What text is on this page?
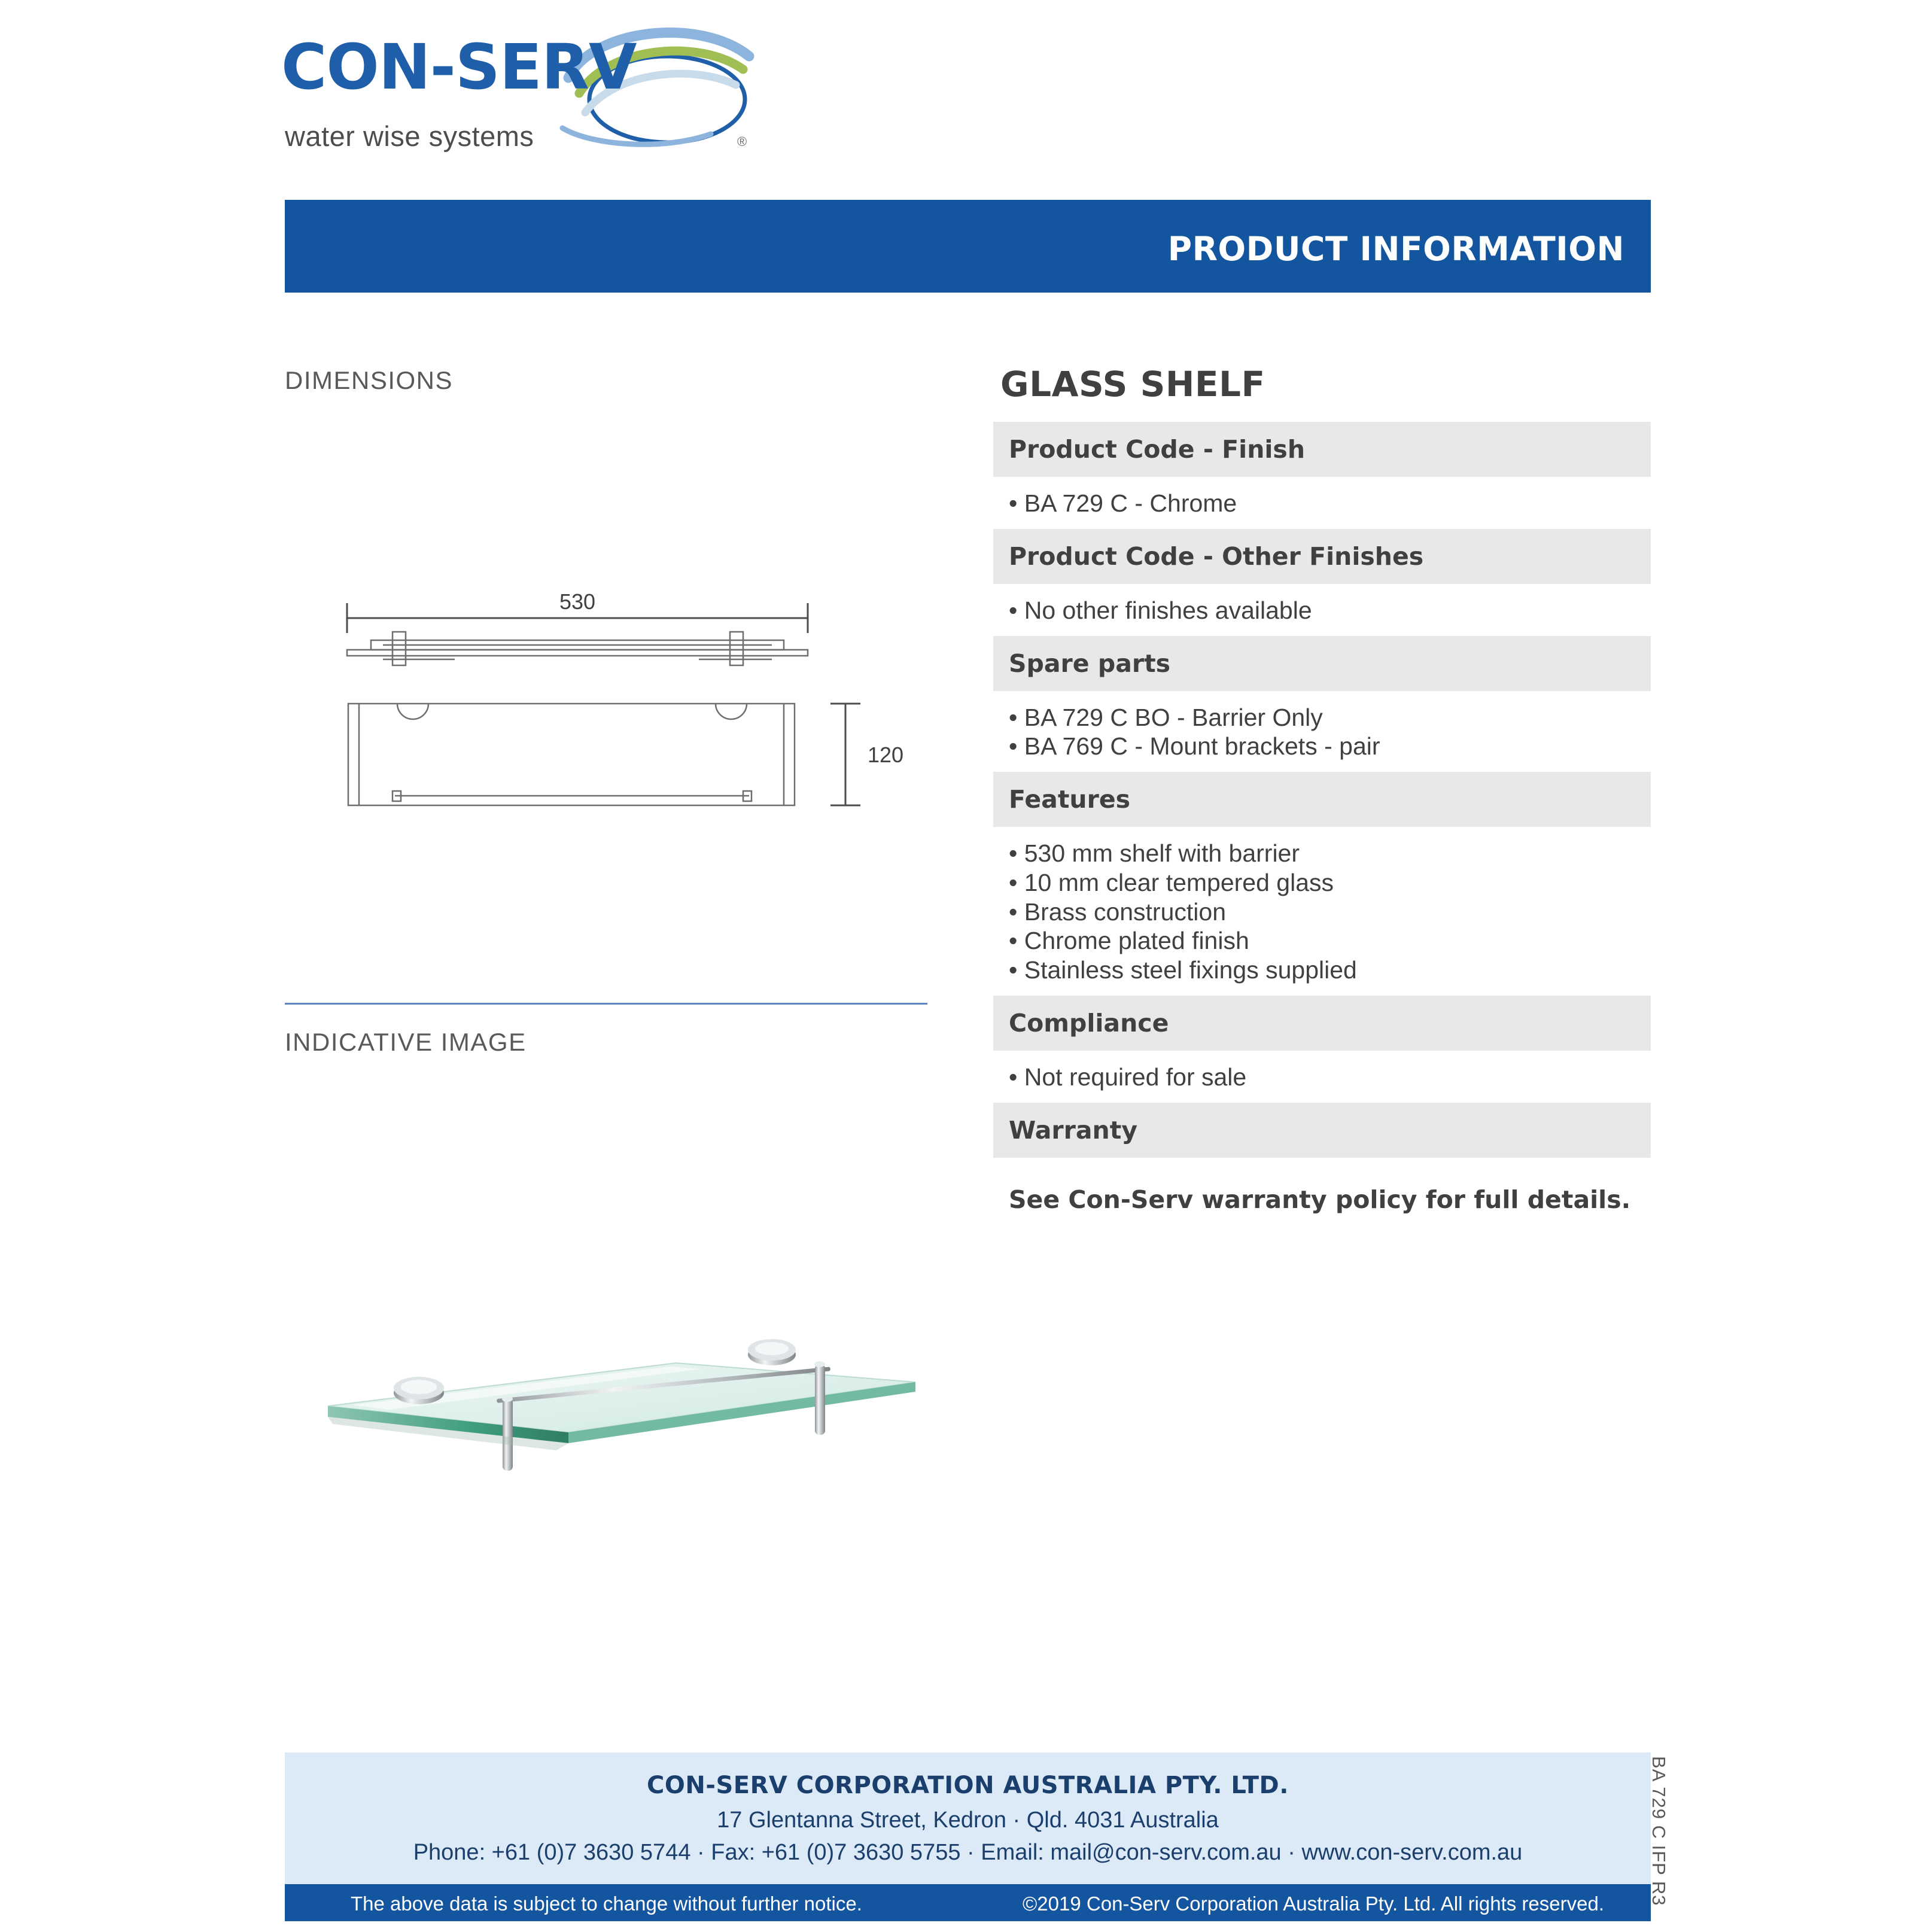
CON-SERV
water wise systems	®
PRODUCT INFORMATION
DIMENSIONS
INDICATIVE IMAGE
530
120
GLASS SHELF
Product Code - Finish
• BA 729 C - Chrome
Product Code - Other Finishes
• No other finishes available
Spare parts
• BA 729 C BO - Barrier Only
• BA 769 C - Mount brackets - pair
Features
• 530 mm shelf with barrier
• 10 mm clear tempered glass
• Brass construction
• Chrome plated finish
• Stainless steel fixings supplied
Compliance
• Not required for sale
Warranty
See Con-Serv warranty policy for full details.
CON-SERV CORPORATION AUSTRALIA PTY. LTD.
17 Glentanna Street, Kedron · Qld. 4031 Australia
Phone: +61 (0)7 3630 5744 · Fax: +61 (0)7 3630 5755 · Email: mail@con-serv.com.au · www.con-serv.com.au
The above data is subject to change without further notice.	©2019 Con-Serv Corporation Australia Pty. Ltd. All rights reserved. BA 729 C IFP R3
